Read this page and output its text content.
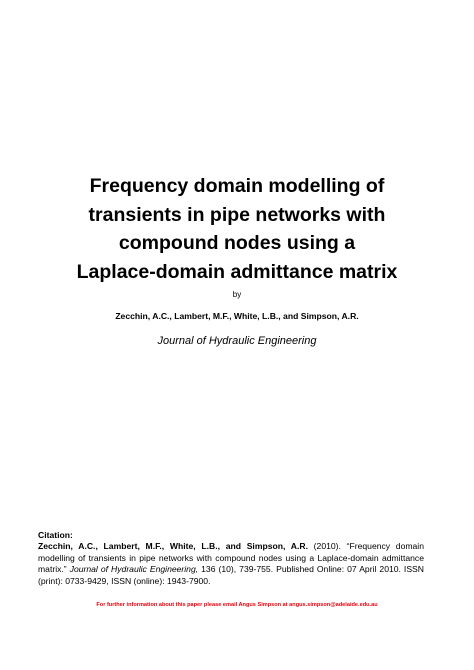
Frequency domain modelling of
transients in pipe networks with
compound nodes using a
Laplace-domain admittance matrix
by
Zecchin, A.C., Lambert, M.F., White, L.B., and Simpson, A.R.
Journal of Hydraulic Engineering
Citation:
Zecchin, A.C., Lambert, M.F., White, L.B., and Simpson, A.R. (2010). “Frequency domain modelling of transients in pipe networks with compound nodes using a Laplace-domain admittance matrix.” Journal of Hydraulic Engineering, 136 (10), 739-755. Published Online: 07 April 2010. ISSN (print): 0733-9429, ISSN (online): 1943-7900.
For further information about this paper please email Angus Simpson at angus.simpson@adelaide.edu.au
